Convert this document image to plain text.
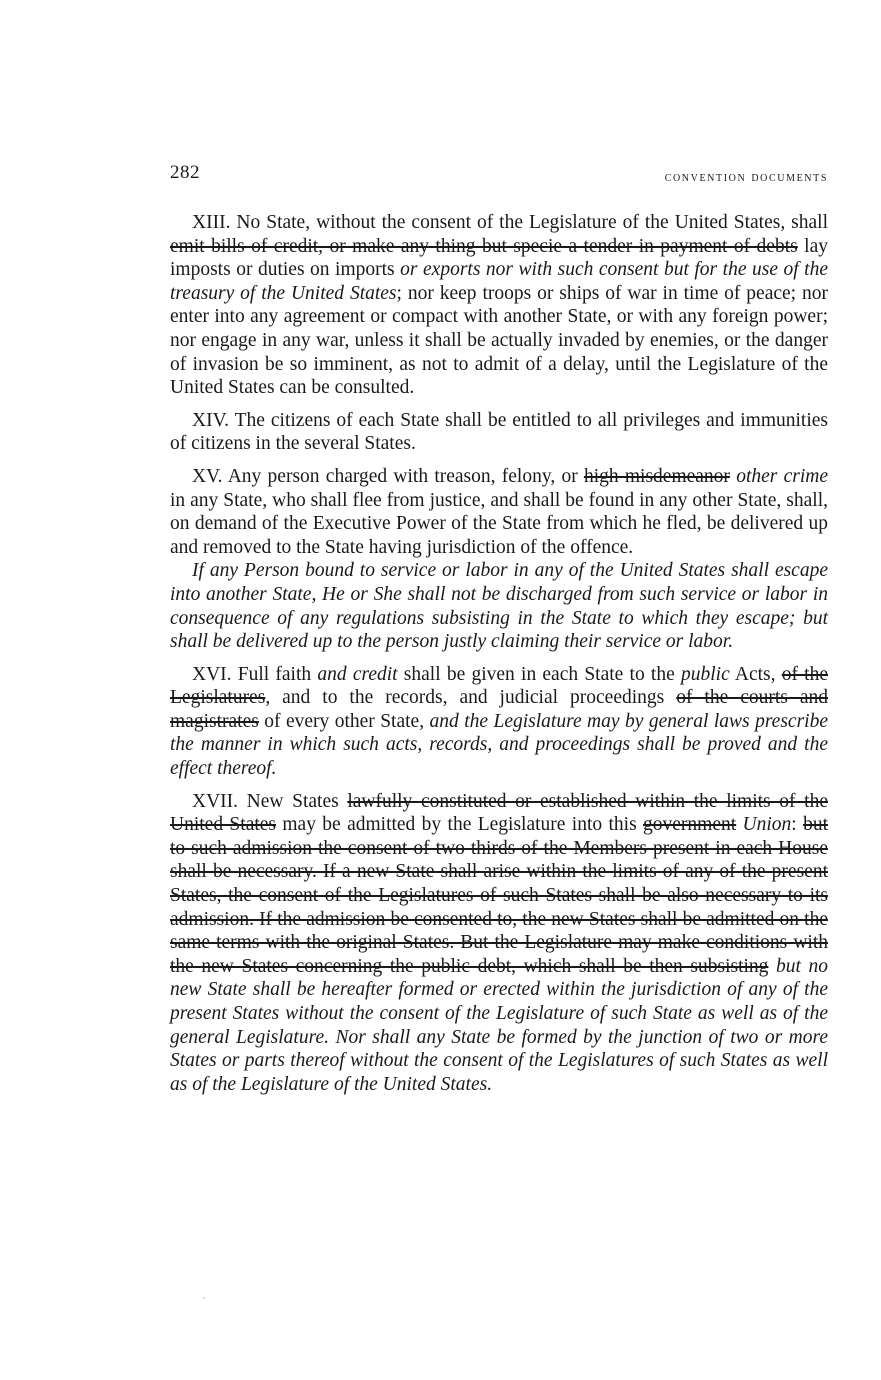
282	convention documents

XIII. No State, without the consent of the Legislature of the United States, shall emit bills of credit, or make any thing but specie a tender in payment of debts lay imposts or duties on imports or exports nor with such consent but for the use of the treasury of the United States; nor keep troops or ships of war in time of peace; nor enter into any agreement or compact with another State, or with any foreign power; nor engage in any war, unless it shall be actually invaded by enemies, or the danger of invasion be so imminent, as not to admit of a delay, until the Legislature of the United States can be consulted.

XIV. The citizens of each State shall be entitled to all privileges and immunities of citizens in the several States.

XV. Any person charged with treason, felony, or high misdemeanor other crime in any State, who shall flee from justice, and shall be found in any other State, shall, on demand of the Executive Power of the State from which he fled, be delivered up and removed to the State having jurisdiction of the offence.

If any Person bound to service or labor in any of the United States shall escape into another State, He or She shall not be discharged from such service or labor in consequence of any regulations subsisting in the State to which they escape; but shall be delivered up to the person justly claiming their service or labor.

XVI. Full faith and credit shall be given in each State to the public Acts, of the Legislatures, and to the records, and judicial proceedings of the courts and magistrates of every other State, and the Legislature may by general laws prescribe the manner in which such acts, records, and proceedings shall be proved and the effect thereof.

XVII. New States lawfully constituted or established within the limits of the United States may be admitted by the Legislature into this government Union: but to such admission the consent of two thirds of the Members present in each House shall be necessary. If a new State shall arise within the limits of any of the present States, the consent of the Legislatures of such States shall be also necessary to its admission. If the admission be consented to, the new States shall be admitted on the same terms with the original States. But the Legislature may make conditions with the new States concerning the public debt, which shall be then subsisting but no new State shall be hereafter formed or erected within the jurisdiction of any of the present States without the consent of the Legislature of such State as well as of the general Legislature. Nor shall any State be formed by the junction of two or more States or parts thereof without the consent of the Legislatures of such States as well as of the Legislature of the United States.
